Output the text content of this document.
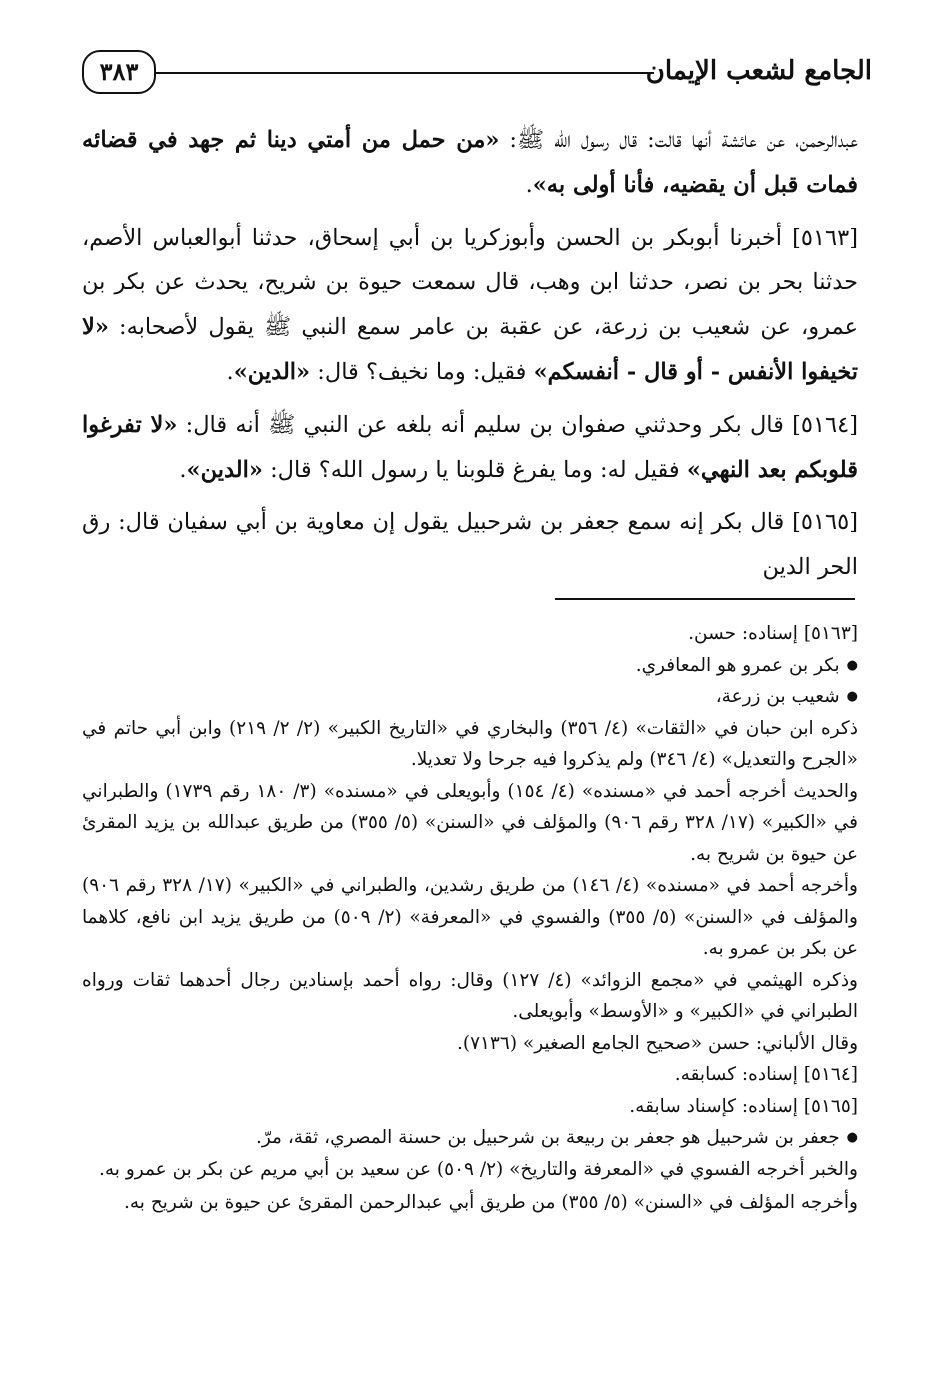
الجامع لشعب الإيمان
٣٨٣

عبدالرحمن، عن عائشة أنها قالت: قال رسول الله ﷺ: «من حمل من أمتي دينا ثم جهد في قضائه فمات قبل أن يقضيه، فأنا أولى به».

[٥١٦٣] أخبرنا أبوبكر بن الحسن وأبوزكريا بن أبي إسحاق، حدثنا أبوالعباس الأصم، حدثنا بحر بن نصر، حدثنا ابن وهب، قال سمعت حيوة بن شريح، يحدث عن بكر بن عمرو، عن شعيب بن زرعة، عن عقبة بن عامر سمع النبي ﷺ يقول لأصحابه: «لا تخيفوا الأنفس - أو قال - أنفسكم» فقيل: وما نخيف؟ قال: «الدين».

[٥١٦٤] قال بكر وحدثني صفوان بن سليم أنه بلغه عن النبي ﷺ أنه قال: «لا تفرغوا قلوبكم بعد النهي» فقيل له: وما يفرغ قلوبنا يا رسول الله؟ قال: «الدين».

[٥١٦٥] قال بكر إنه سمع جعفر بن شرحبيل يقول إن معاوية بن أبي سفيان قال: رق الحر الدين

[٥١٦٣] إسناده: حسن.

● بكر بن عمرو هو المعافري.

● شعيب بن زرعة،

ذكره ابن حبان في «الثقات» (٤/ ٣٥٦) والبخاري في «التاريخ الكبير» (٢/ ٢/ ٢١٩) وابن أبي حاتم في «الجرح والتعديل» (٤/ ٣٤٦) ولم يذكروا فيه جرحا ولا تعديلا.

والحديث أخرجه أحمد في «مسنده» (٤/ ١٥٤) وأبويعلى في «مسنده» (٣/ ١٨٠ رقم ١٧٣٩) والطبراني في «الكبير» (١٧/ ٣٢٨ رقم ٩٠٦) والمؤلف في «السنن» (٥/ ٣٥٥) من طريق عبدالله بن يزيد المقرئ عن حيوة بن شريح به.

وأخرجه أحمد في «مسنده» (٤/ ١٤٦) من طريق رشدين، والطبراني في «الكبير» (١٧/ ٣٢٨ رقم ٩٠٦) والمؤلف في «السنن» (٥/ ٣٥٥) والفسوي في «المعرفة» (٢/ ٥٠٩) من طريق يزيد ابن نافع، كلاهما عن بكر بن عمرو به.

وذكره الهيثمي في «مجمع الزوائد» (٤/ ١٢٧) وقال: رواه أحمد بإسنادين رجال أحدهما ثقات ورواه الطبراني في «الكبير» و «الأوسط» وأبويعلى.

وقال الألباني: حسن «صحيح الجامع الصغير» (٧١٣٦).

[٥١٦٤] إسناده: كسابقه.

[٥١٦٥] إسناده: كإسناد سابقه.

● جعفر بن شرحبيل هو جعفر بن ربيعة بن شرحبيل بن حسنة المصري، ثقة، مرّ.

والخبر أخرجه الفسوي في «المعرفة والتاريخ» (٢/ ٥٠٩) عن سعيد بن أبي مريم عن بكر بن عمرو به.

وأخرجه المؤلف في «السنن» (٥/ ٣٥٥) من طريق أبي عبدالرحمن المقرئ عن حيوة بن شريح به.
